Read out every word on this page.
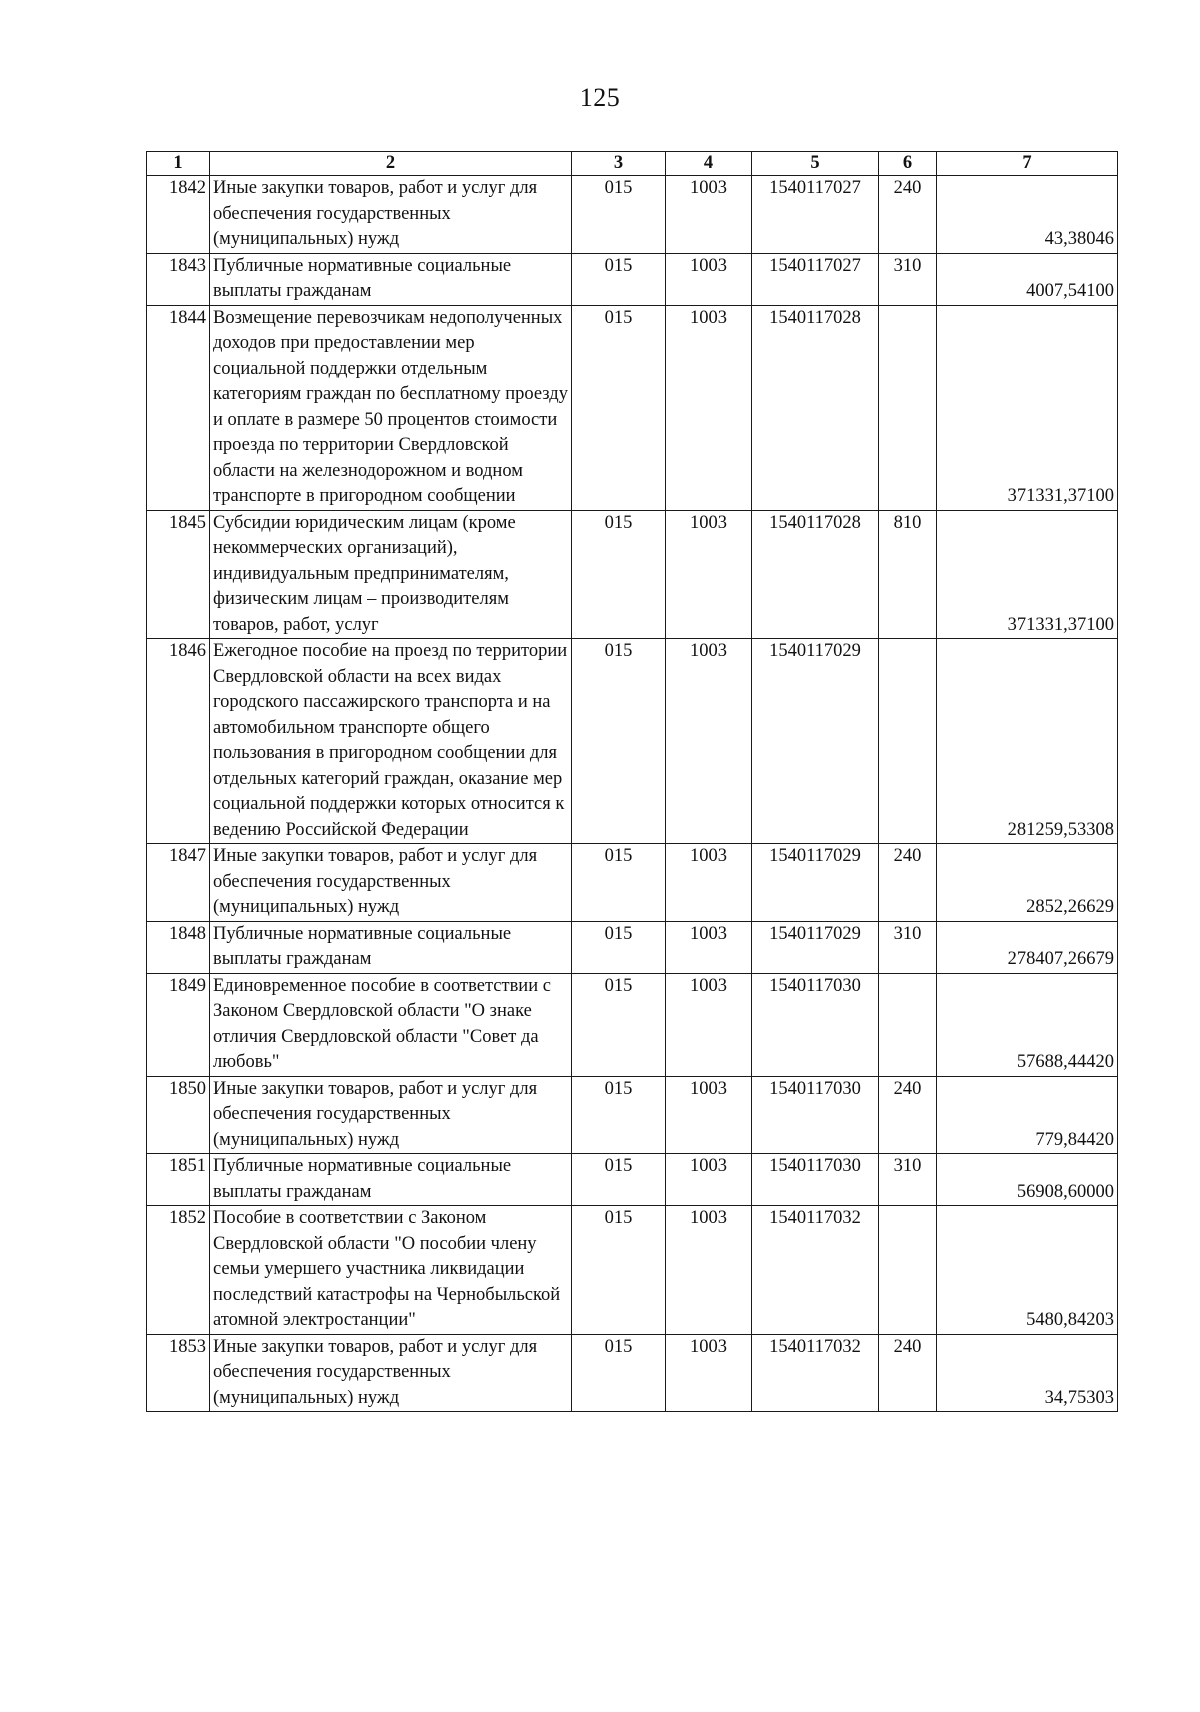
125
1	2	3	4	5	6	7
1842	Иные закупки товаров, работ и услуг для обеспечения государственных (муниципальных) нужд	015	1003	1540117027	240	43,38046
1843	Публичные нормативные социальные выплаты гражданам	015	1003	1540117027	310	4007,54100
1844	Возмещение перевозчикам недополученных доходов при предоставлении мер социальной поддержки отдельным категориям граждан по бесплатному проезду и оплате в размере 50 процентов стоимости проезда по территории Свердловской области на железнодорожном и водном транспорте в пригородном сообщении	015	1003	1540117028		371331,37100
1845	Субсидии юридическим лицам (кроме некоммерческих организаций), индивидуальным предпринимателям, физическим лицам – производителям товаров, работ, услуг	015	1003	1540117028	810	371331,37100
1846	Ежегодное пособие на проезд по территории Свердловской области на всех видах городского пассажирского транспорта и на автомобильном транспорте общего пользования в пригородном сообщении для отдельных категорий граждан, оказание мер социальной поддержки которых относится к ведению Российской Федерации	015	1003	1540117029		281259,53308
1847	Иные закупки товаров, работ и услуг для обеспечения государственных (муниципальных) нужд	015	1003	1540117029	240	2852,26629
1848	Публичные нормативные социальные выплаты гражданам	015	1003	1540117029	310	278407,26679
1849	Единовременное пособие в соответствии с Законом Свердловской области "О знаке отличия Свердловской области "Совет да любовь"	015	1003	1540117030		57688,44420
1850	Иные закупки товаров, работ и услуг для обеспечения государственных (муниципальных) нужд	015	1003	1540117030	240	779,84420
1851	Публичные нормативные социальные выплаты гражданам	015	1003	1540117030	310	56908,60000
1852	Пособие в соответствии с Законом Свердловской области "О пособии члену семьи умершего участника ликвидации последствий катастрофы на Чернобыльской атомной электростанции"	015	1003	1540117032		5480,84203
1853	Иные закупки товаров, работ и услуг для обеспечения государственных (муниципальных) нужд	015	1003	1540117032	240	34,75303
